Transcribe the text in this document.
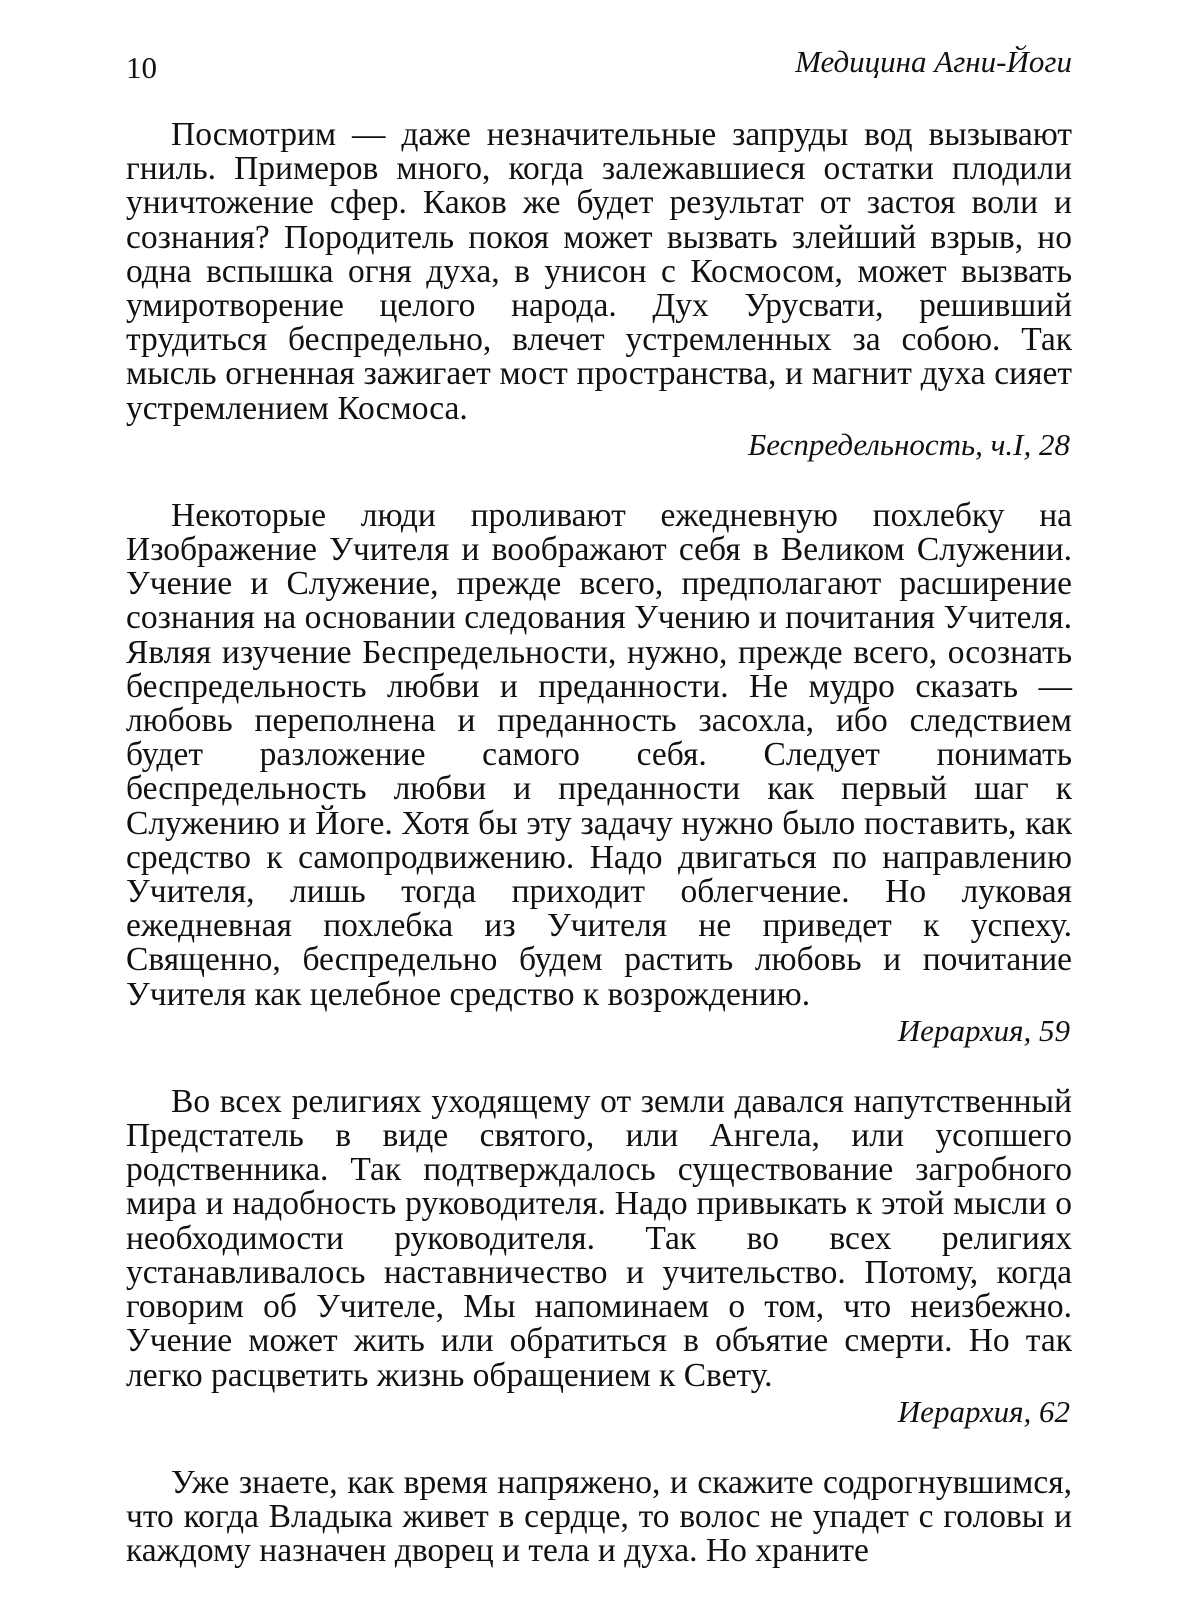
10	Медицина Агни-Йоги

Посмотрим — даже незначительные запруды вод вызывают гниль. Примеров много, когда залежавшиеся остатки плодили уничтожение сфер. Каков же будет результат от застоя воли и сознания? Породитель покоя может вызвать злейший взрыв, но одна вспышка огня духа, в унисон с Космосом, может вызвать умиротворение целого народа. Дух Урусвати, решивший трудиться беспредельно, влечет устремленных за собою. Так мысль огненная зажигает мост пространства, и магнит духа сияет устремлением Космоса.

Беспредельность, ч.I, 28

Некоторые люди проливают ежедневную похлебку на Изображение Учителя и воображают себя в Великом Служении. Учение и Служение, прежде всего, предполагают расширение сознания на основании следования Учению и почитания Учителя. Являя изучение Беспредельности, нужно, прежде всего, осознать беспредельность любви и преданности. Не мудро сказать — любовь переполнена и преданность засохла, ибо следствием будет разложение самого себя. Следует понимать беспредельность любви и преданности как первый шаг к Служению и Йоге. Хотя бы эту задачу нужно было поставить, как средство к самопродвижению. Надо двигаться по направлению Учителя, лишь тогда приходит облегчение. Но луковая ежедневная похлебка из Учителя не приведет к успеху. Священно, беспредельно будем растить любовь и почитание Учителя как целебное средство к возрождению.

Иерархия, 59

Во всех религиях уходящему от земли давался напутственный Предстатель в виде святого, или Ангела, или усопшего родственника. Так подтверждалось существование загробного мира и надобность руководителя. Надо привыкать к этой мысли о необходимости руководителя. Так во всех религиях устанавливалось наставничество и учительство. Потому, когда говорим об Учителе, Мы напоминаем о том, что неизбежно. Учение может жить или обратиться в объятие смерти. Но так легко расцветить жизнь обращением к Свету.

Иерархия, 62

Уже знаете, как время напряжено, и скажите содрогнувшимся, что когда Владыка живет в сердце, то волос не упадет с головы и каждому назначен дворец и тела и духа. Но храните
